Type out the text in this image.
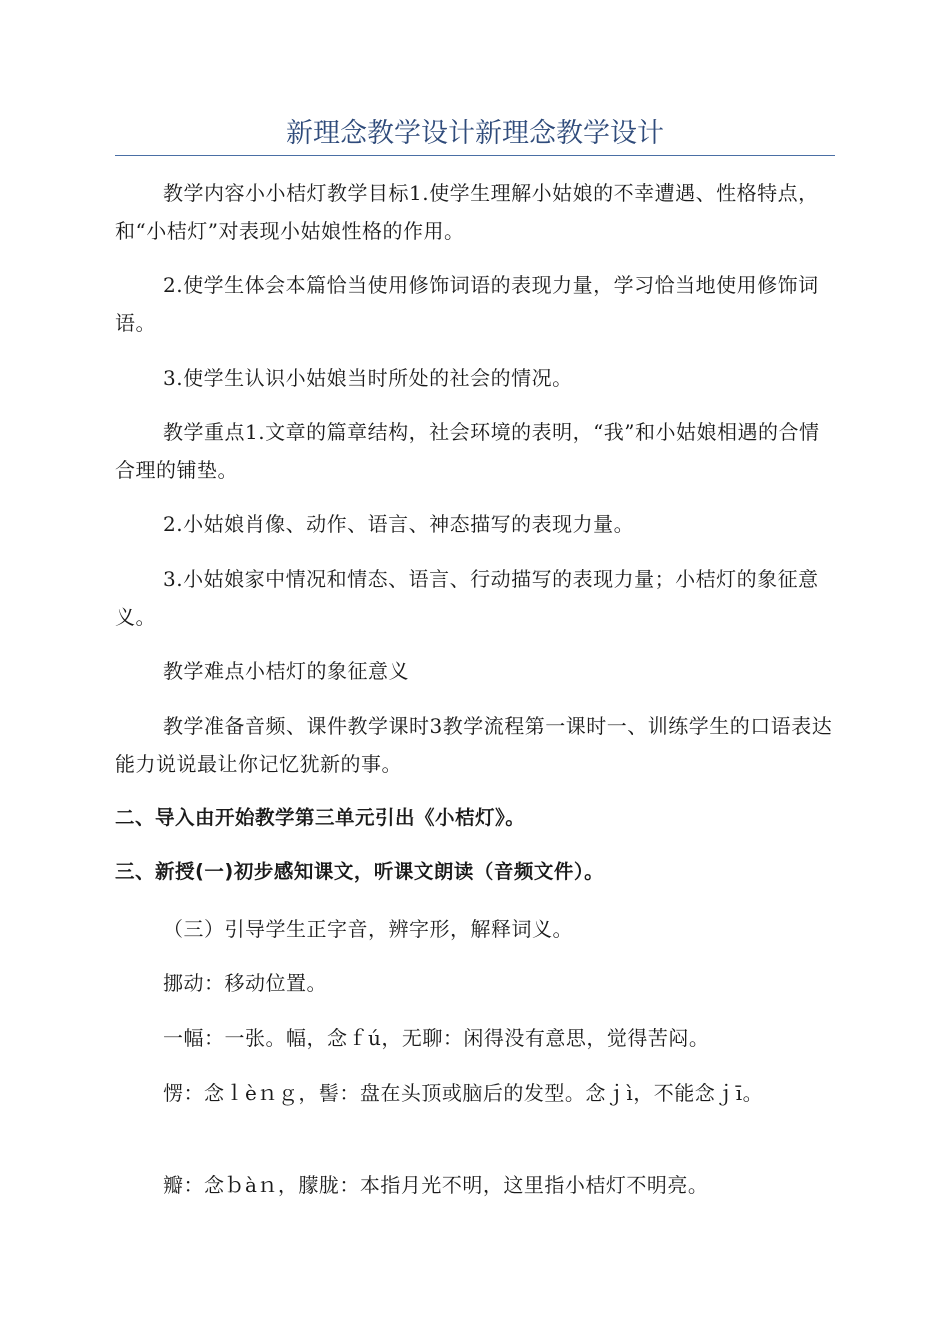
新理念教学设计新理念教学设计

教学内容小小桔灯教学目标1.使学生理解小姑娘的不幸遭遇、性格特点，和“小桔灯”对表现小姑娘性格的作用。

2.使学生体会本篇恰当使用修饰词语的表现力量，学习恰当地使用修饰词语。

3.使学生认识小姑娘当时所处的社会的情况。

教学重点1.文章的篇章结构，社会环境的表明，“我”和小姑娘相遇的合情合理的铺垫。

2.小姑娘肖像、动作、语言、神态描写的表现力量。

3.小姑娘家中情况和情态、语言、行动描写的表现力量；小桔灯的象征意义。

教学难点小桔灯的象征意义

教学准备音频、课件教学课时3教学流程第一课时一、训练学生的口语表达能力说说最让你记忆犹新的事。

二、导入由开始教学第三单元引出《小桔灯》。

三、新授(一)初步感知课文，听课文朗读（音频文件）。

（三）引导学生正字音，辨字形，解释词义。

挪动：移动位置。

一幅：一张。幅，念ｆú，无聊：闲得没有意思，觉得苦闷。

愣：念ｌèｎｇ，髻：盘在头顶或脑后的发型。念ｊì，不能念ｊī。

瓣：念ｂàｎ，朦胧：本指月光不明，这里指小桔灯不明亮。
